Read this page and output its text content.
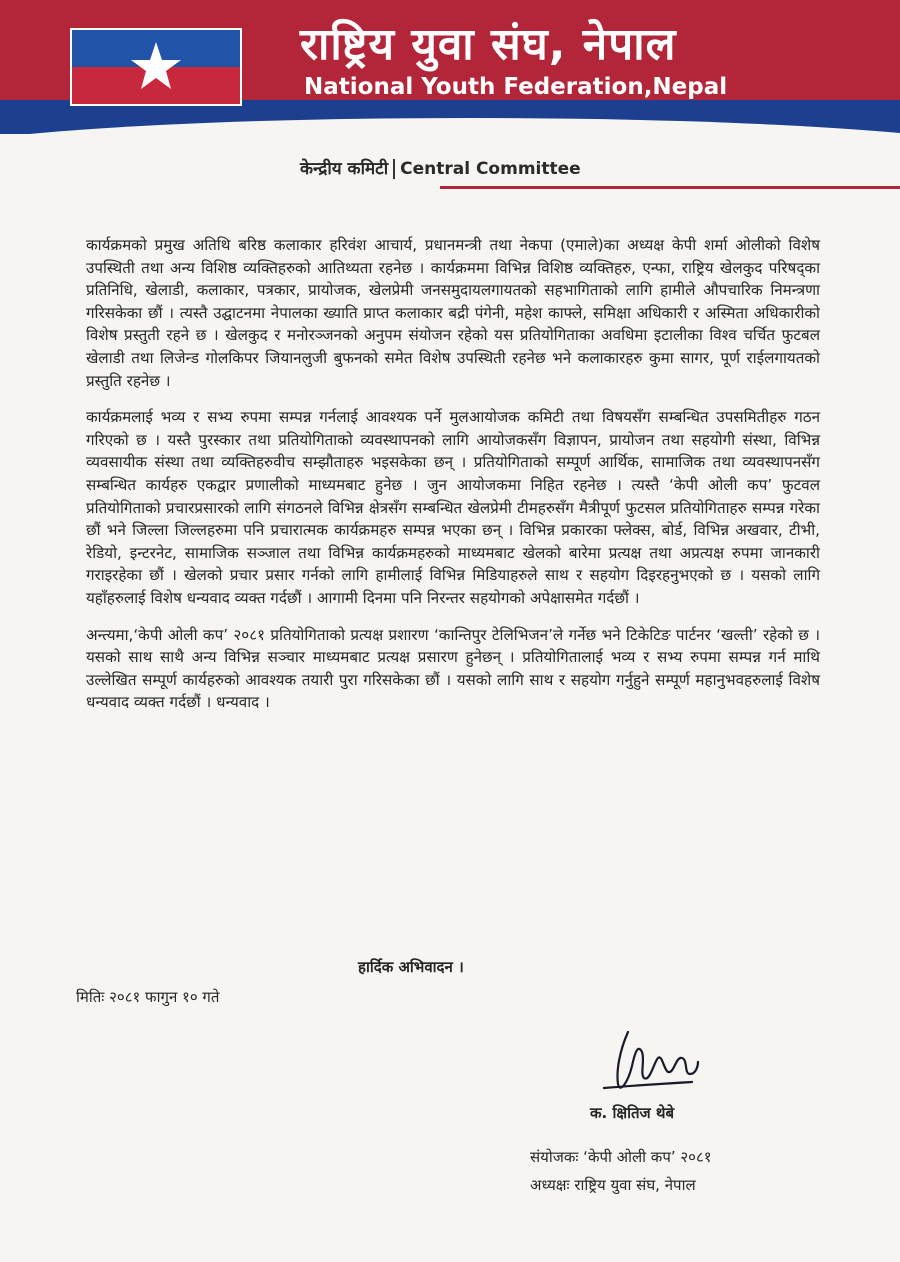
राष्ट्रिय युवा संघ, नेपाल
National Youth Federation,Nepal
केन्द्रीय कमिटी Central Committee

कार्यक्रमको प्रमुख अतिथि बरिष्ठ कलाकार हरिवंश आचार्य, प्रधानमन्त्री तथा नेकपा (एमाले)का अध्यक्ष केपी शर्मा ओलीको विशेष उपस्थिती तथा अन्य विशिष्ठ व्यक्तिहरुको आतिथ्यता रहनेछ । कार्यक्रममा विभिन्न विशिष्ठ व्यक्तिहरु, एन्फा, राष्ट्रिय खेलकुद परिषद्का प्रतिनिधि, खेलाडी, कलाकार, पत्रकार, प्रायोजक, खेलप्रेमी जनसमुदायलगायतको सहभागिताको लागि हामीले औपचारिक निमन्त्रणा गरिसकेका छौं । त्यस्तै उद्घाटनमा नेपालका ख्याति प्राप्त कलाकार बद्री पंगेनी, महेश काफ्ले, समिक्षा अधिकारी र अस्मिता अधिकारीको विशेष प्रस्तुती रहने छ । खेलकुद र मनोरञ्जनको अनुपम संयोजन रहेको यस प्रतियोगिताका अवधिमा इटालीका विश्व चर्चित फुटबल खेलाडी तथा लिजेन्ड गोलकिपर जियानलुजी बुफनको समेत विशेष उपस्थिती रहनेछ भने कलाकारहरु कुमा सागर, पूर्ण राईलगायतको प्रस्तुति रहनेछ ।

कार्यक्रमलाई भव्य र सभ्य रुपमा सम्पन्न गर्नलाई आवश्यक पर्ने मुलआयोजक कमिटी तथा विषयसँग सम्बन्धित उपसमितीहरु गठन गरिएको छ । यस्तै पुरस्कार तथा प्रतियोगिताको व्यवस्थापनको लागि आयोजकसँग विज्ञापन, प्रायोजन तथा सहयोगी संस्था, विभिन्न व्यवसायीक संस्था तथा व्यक्तिहरुवीच सम्झौताहरु भइसकेका छन् । प्रतियोगिताको सम्पूर्ण आर्थिक, सामाजिक तथा व्यवस्थापनसँग सम्बन्धित कार्यहरु एकद्वार प्रणालीको माध्यमबाट हुनेछ । जुन आयोजकमा निहित रहनेछ । त्यस्तै ‘केपी ओली कप’ फुटवल प्रतियोगिताको प्रचारप्रसारको लागि संगठनले विभिन्न क्षेत्रसँग सम्बन्धित खेलप्रेमी टीमहरुसँग मैत्रीपूर्ण फुटसल प्रतियोगिताहरु सम्पन्न गरेका छौं भने जिल्ला जिल्लहरुमा पनि प्रचारात्मक कार्यक्रमहरु सम्पन्न भएका छन् । विभिन्न प्रकारका फ्लेक्स, बोर्ड, विभिन्न अखवार, टीभी, रेडियो, इन्टरनेट, सामाजिक सञ्जाल तथा विभिन्न कार्यक्रमहरुको माध्यमबाट खेलको बारेमा प्रत्यक्ष तथा अप्रत्यक्ष रुपमा जानकारी गराइरहेका छौं । खेलको प्रचार प्रसार गर्नको लागि हामीलाई विभिन्न मिडियाहरुले साथ र सहयोग दिइरहनुभएको छ । यसको लागि यहाँहरुलाई विशेष धन्यवाद व्यक्त गर्दछौं । आगामी दिनमा पनि निरन्तर सहयोगको अपेक्षासमेत गर्दछौं ।

अन्त्यमा,‘केपी ओली कप’ २०८१ प्रतियोगिताको प्रत्यक्ष प्रशारण ‘कान्तिपुर टेलिभिजन’ले गर्नेछ भने टिकेटिङ पार्टनर ‘खल्ती’ रहेको छ । यसको साथ साथै अन्य विभिन्न सञ्चार माध्यमबाट प्रत्यक्ष प्रसारण हुनेछन् । प्रतियोगितालाई भव्य र सभ्य रुपमा सम्पन्न गर्न माथि उल्लेखित सम्पूर्ण कार्यहरुको आवश्यक तयारी पुरा गरिसकेका छौं । यसको लागि साथ र सहयोग गर्नुहुने सम्पूर्ण महानुभवहरुलाई विशेष धन्यवाद व्यक्त गर्दछौं । धन्यवाद ।

हार्दिक अभिवादन ।
मितिः २०८१ फागुन १० गते
क. क्षितिज थेबे
संयोजकः ‘केपी ओली कप’ २०८१
अध्यक्षः राष्ट्रिय युवा संघ, नेपाल
